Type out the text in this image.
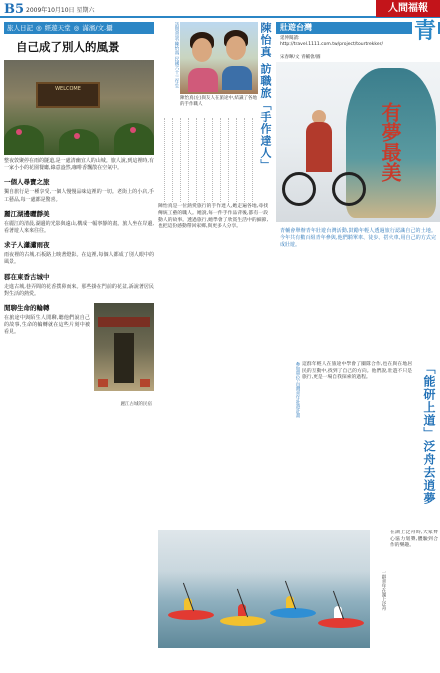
B5 2009年10月10日 星期六	人間福報
旅人日記 ◎ 經遊天堂 ◎ 滿濱/文.攝
自己成了別人的風景
WELCOME

整夜敦聚停在雨的隧道,是一處清幽宜人的山城。旅人說,到這裡時,有一家小小的花園餐廳,綠意盎然,咖啡香飄散在空氣中。

一個人尋寶之旅

獨自旅行是一種享受,一個人慢慢品味這裡的一切。老街上的小店,手工藝品,每一處都是驚喜。

麗江湖邊曬靜美

在麗江的清晨,湖邊的光影與遠山,構成一幅寧靜的畫。旅人坐在岸邊,看著遊人來來往往。

求子人瀟瀟雨夜

雨夜裡的古城,石板路上映著燈影。在這裡,每個人都成了別人眼中的風景。

郡在東香古城中

走進古城,巷弄間的花香撲鼻而來。那些掛在門前的花盆,訴說著居民對生活的熱愛。

閒聊生命的輪轉

在旅途中與陌生人閒聊,聽他們說自己的故事,生命的輪轉就在這些片刻中被看見。

麗江古城的民宿
訪問背景:陳怡真 民國六十三年生	陳怡真 訪職旅「手作達人」
陳怡真(左)與友人在旅途中,結識了各地的手作職人

陳怡真是一位熱愛旅行的手作達人,她走遍各地,尋找傳統工藝的職人。她說,每一件手作品背後,都有一段動人的故事。透過旅行,她學會了欣賞生活中的細節,也把這份感動帶回家鄉,與更多人分享。

壯遊台灣	青
延伸閱讀:
http://travel.1111.com.tw/project/tourtrekker/
宋春暉/文 青輔會/圖
有夢最美

青輔會舉辦青年壯遊台灣活動,鼓勵年輕人透過旅行認識自己的土地。今年共有數百組青年參與,他們騎單車、徒步、搭火車,用自己的方式完成壯遊。

參加單位:台灣青年壯遊計畫 這群年輕人在旅途中學會了團隊合作,也在與在地居民的互動中,找到了自己的方向。他們說,壯遊不只是旅行,更是一場自我探索的過程。	「能研上道」泛舟去逍夢
一群青年在湖上泛舟

在湖上泛舟時,大家齊心協力划槳,體驗到合作的樂趣。
